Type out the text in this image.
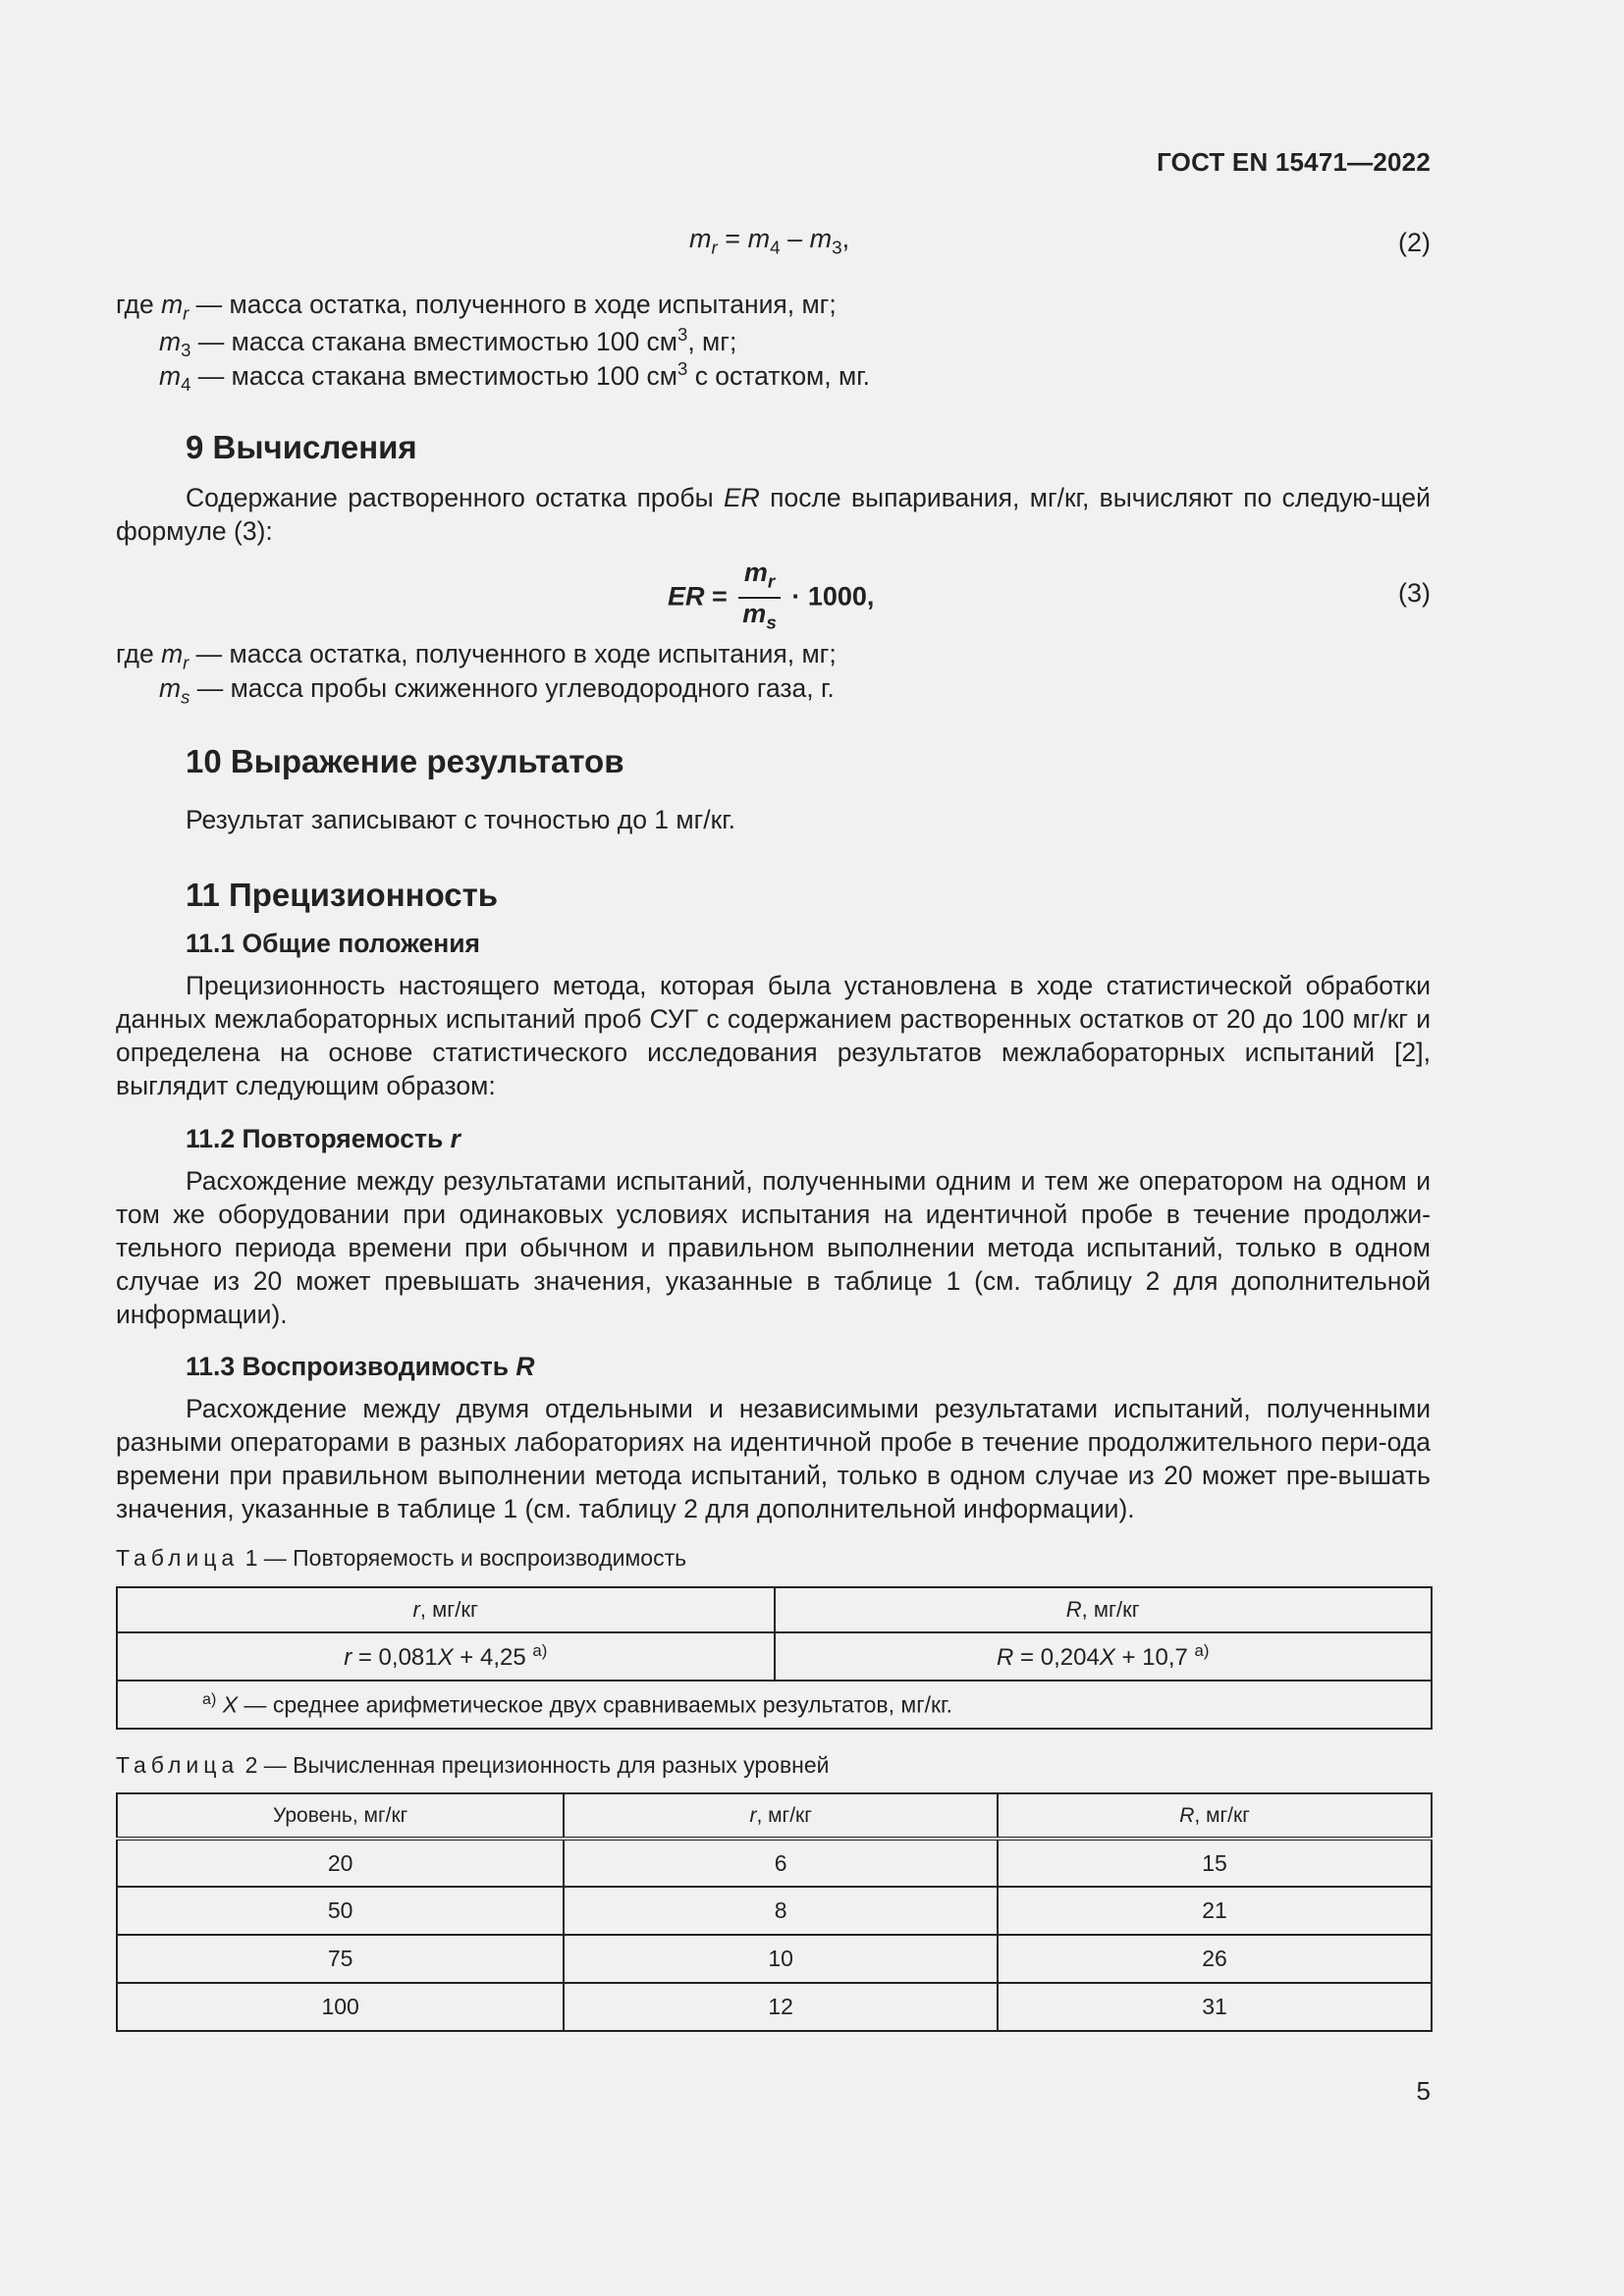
ГОСТ EN 15471—2022
$m_r = m_4 - m_3$,	(2)
где $m_r$ — масса остатка, полученного в ходе испытания, мг;
$m_3$ — масса стакана вместимостью 100 $см^3$, мг;
$m_4$ — масса стакана вместимостью 100 $см^3$ с остатком, мг.
9 Вычисления
Содержание растворенного остатка пробы ER после выпаривания, мг/кг, вычисляют по следую-щей формуле (3):
ER = $\frac{m_r}{m_s} \cdot 1000$,	(3)
где $m_r$ — масса остатка, полученного в ходе испытания, мг;
$m_s$ — масса пробы сжиженного углеводородного газа, г.
10 Выражение результатов
Результат записывают с точностью до 1 мг/кг.
11 Прецизионность
11.1 Общие положения
Прецизионность настоящего метода, которая была установлена в ходе статистической обработки данных межлабораторных испытаний проб СУГ с содержанием растворенных остатков от 20 до 100 мг/кг и определена на основе статистического исследования результатов межлабораторных испытаний [2], выглядит следующим образом:
11.2 Повторяемость r
Расхождение между результатами испытаний, полученными одним и тем же оператором на одном и том же оборудовании при одинаковых условиях испытания на идентичной пробе в течение продолжи-тельного периода времени при обычном и правильном выполнении метода испытаний, только в одном случае из 20 может превышать значения, указанные в таблице 1 (см. таблицу 2 для дополнительной информации).
11.3 Воспроизводимость R
Расхождение между двумя отдельными и независимыми результатами испытаний, полученными разными операторами в разных лабораториях на идентичной пробе в течение продолжительного пери-ода времени при правильном выполнении метода испытаний, только в одном случае из 20 может пре-вышать значения, указанные в таблице 1 (см. таблицу 2 для дополнительной информации).
Таблица 1 — Повторяемость и воспроизводимость
r, мг/кг	R, мг/кг
r = 0,081X + 4,25 $^{а)}$	R = 0,204X + 10,7 $^{а)}$
$^{а)}$ X — среднее арифметическое двух сравниваемых результатов, мг/кг.	
Таблица 2 — Вычисленная прецизионность для разных уровней
Уровень, мг/кг	r, мг/кг	R, мг/кг
20	6	15
50	8	21
75	10	26
100	12	31
5
